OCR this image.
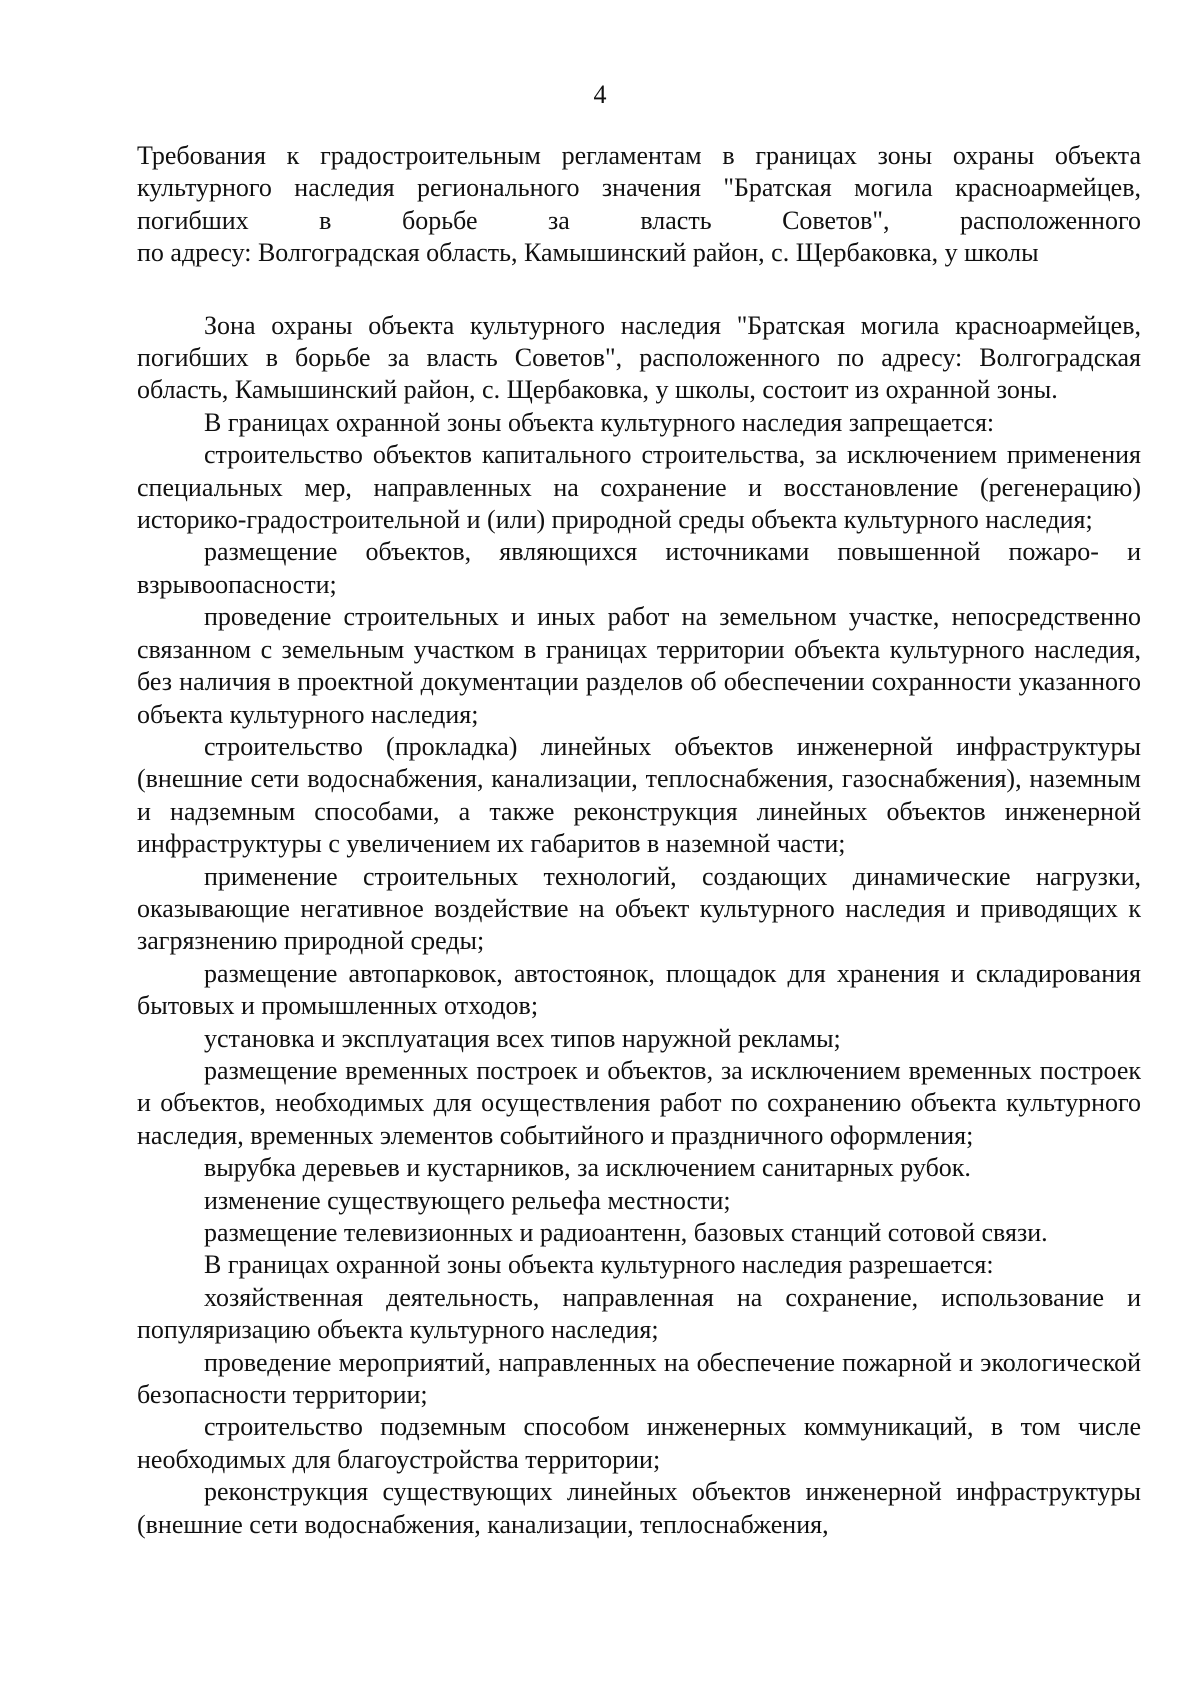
4
Требования к градостроительным регламентам в границах зоны охраны объекта
культурного наследия регионального значения "Братская могила красноармейцев,
погибших в борьбе за власть Советов", расположенного
по адресу: Волгоградская область, Камышинский район, с. Щербаковка, у школы

Зона охраны объекта культурного наследия "Братская могила красноармейцев, погибших в борьбе за власть Советов", расположенного по адресу: Волгоградская область, Камышинский район, с. Щербаковка, у школы, состоит из охранной зоны.

В границах охранной зоны объекта культурного наследия запрещается:

строительство объектов капитального строительства, за исключением применения специальных мер, направленных на сохранение и восстановление (регенерацию) историко-градостроительной и (или) природной среды объекта культурного наследия;

размещение объектов, являющихся источниками повышенной пожаро- и взрывоопасности;

проведение строительных и иных работ на земельном участке, непосредственно связанном с земельным участком в границах территории объекта культурного наследия, без наличия в проектной документации разделов об обеспечении сохранности указанного объекта культурного наследия;

строительство (прокладка) линейных объектов инженерной инфраструктуры (внешние сети водоснабжения, канализации, теплоснабжения, газоснабжения), наземным и надземным способами, а также реконструкция линейных объектов инженерной инфраструктуры с увеличением их габаритов в наземной части;

применение строительных технологий, создающих динамические нагрузки, оказывающие негативное воздействие на объект культурного наследия и приводящих к загрязнению природной среды;

размещение автопарковок, автостоянок, площадок для хранения и складирования бытовых и промышленных отходов;

установка и эксплуатация всех типов наружной рекламы;

размещение временных построек и объектов, за исключением временных построек и объектов, необходимых для осуществления работ по сохранению объекта культурного наследия, временных элементов событийного и праздничного оформления;

вырубка деревьев и кустарников, за исключением санитарных рубок.

изменение существующего рельефа местности;

размещение телевизионных и радиоантенн, базовых станций сотовой связи.

В границах охранной зоны объекта культурного наследия разрешается:

хозяйственная деятельность, направленная на сохранение, использование и популяризацию объекта культурного наследия;

проведение мероприятий, направленных на обеспечение пожарной и экологической безопасности территории;

строительство подземным способом инженерных коммуникаций, в том числе необходимых для благоустройства территории;

реконструкция существующих линейных объектов инженерной инфраструктуры (внешние сети водоснабжения, канализации, теплоснабжения,
